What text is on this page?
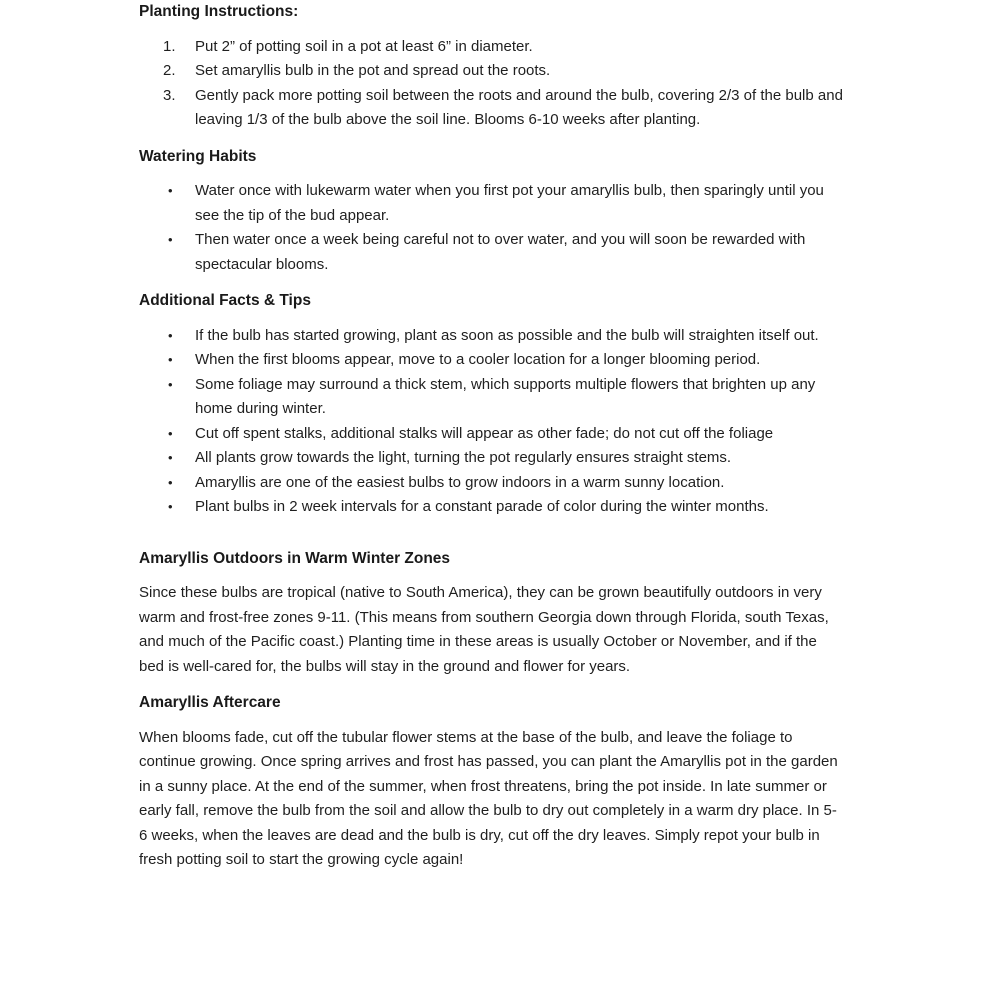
Planting Instructions:
1.	Put 2” of potting soil in a pot at least 6” in diameter.
2.	Set amaryllis bulb in the pot and spread out the roots.
3.	Gently pack more potting soil between the roots and around the bulb, covering 2/3 of the bulb and leaving 1/3 of the bulb above the soil line. Blooms 6-10 weeks after planting.
Watering Habits
•	Water once with lukewarm water when you first pot your amaryllis bulb, then sparingly until you see the tip of the bud appear.
•	Then water once a week being careful not to over water, and you will soon be rewarded with spectacular blooms.
Additional Facts & Tips
•	If the bulb has started growing, plant as soon as possible and the bulb will straighten itself out.
•	When the first blooms appear, move to a cooler location for a longer blooming period.
•	Some foliage may surround a thick stem, which supports multiple flowers that brighten up any home during winter.
•	Cut off spent stalks, additional stalks will appear as other fade; do not cut off the foliage
•	All plants grow towards the light, turning the pot regularly ensures straight stems.
•	Amaryllis are one of the easiest bulbs to grow indoors in a warm sunny location.
•	Plant bulbs in 2 week intervals for a constant parade of color during the winter months.
Amaryllis Outdoors in Warm Winter Zones

Since these bulbs are tropical (native to South America), they can be grown beautifully outdoors in very warm and frost-free zones 9-11. (This means from southern Georgia down through Florida, south Texas, and much of the Pacific coast.) Planting time in these areas is usually October or November, and if the bed is well-cared for, the bulbs will stay in the ground and flower for years.

Amaryllis Aftercare

When blooms fade, cut off the tubular flower stems at the base of the bulb, and leave the foliage to continue growing. Once spring arrives and frost has passed, you can plant the Amaryllis pot in the garden in a sunny place. At the end of the summer, when frost threatens, bring the pot inside. In late summer or early fall, remove the bulb from the soil and allow the bulb to dry out completely in a warm dry place. In 5-6 weeks, when the leaves are dead and the bulb is dry, cut off the dry leaves. Simply repot your bulb in fresh potting soil to start the growing cycle again!
